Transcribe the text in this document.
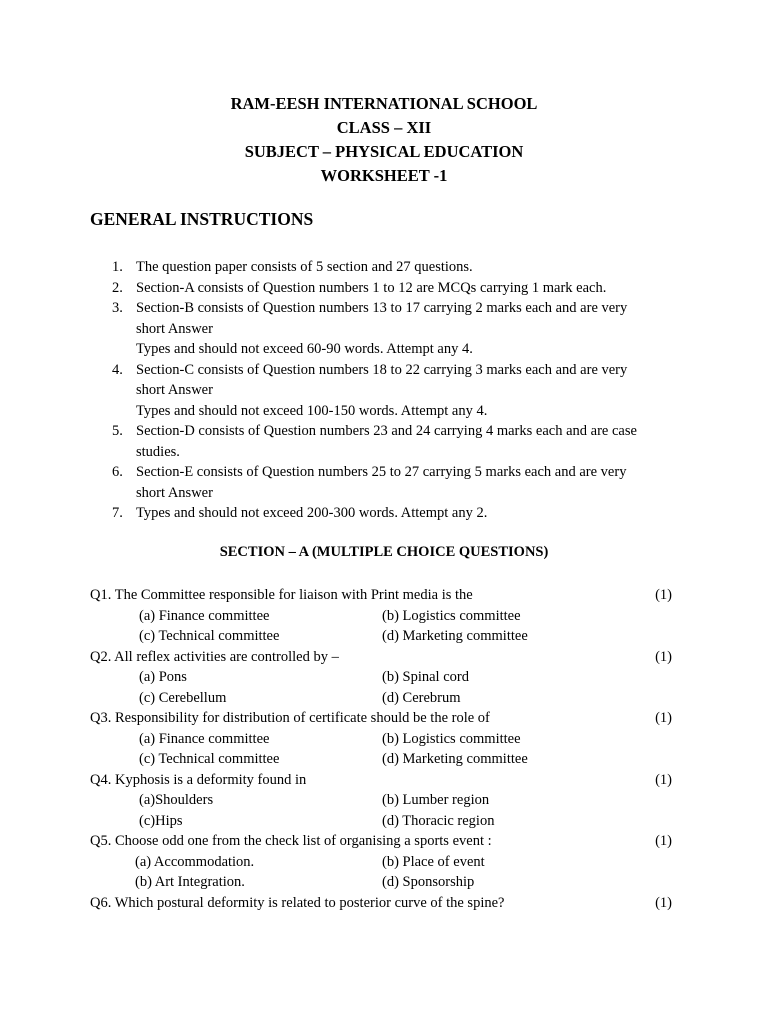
RAM-EESH INTERNATIONAL SCHOOL
CLASS – XII
SUBJECT – PHYSICAL EDUCATION
WORKSHEET -1
GENERAL INSTRUCTIONS
1. The question paper consists of 5 section and 27 questions.
2. Section-A consists of Question numbers 1 to 12 are MCQs carrying 1 mark each.
3. Section-B consists of Question numbers 13 to 17 carrying 2 marks each and are very
short Answer
Types and should not exceed 60-90 words. Attempt any 4.
4. Section-C consists of Question numbers 18 to 22 carrying 3 marks each and are very
short Answer
Types and should not exceed 100-150 words. Attempt any 4.
5. Section-D consists of Question numbers 23 and 24 carrying 4 marks each and are case
studies.
6. Section-E consists of Question numbers 25 to 27 carrying 5 marks each and are very
short Answer
7. Types and should not exceed 200-300 words. Attempt any 2.
SECTION – A (MULTIPLE CHOICE QUESTIONS)
Q1. The Committee responsible for liaison with Print media is the	(1)
(a) Finance committee	(b) Logistics committee
(c) Technical committee	(d) Marketing committee
Q2. All reflex activities are controlled by –	(1)
(a) Pons	(b) Spinal cord
(c) Cerebellum	(d) Cerebrum
Q3. Responsibility for distribution of certificate should be the role of	(1)
(a) Finance committee	(b) Logistics committee
(c) Technical committee	(d) Marketing committee
Q4. Kyphosis is a deformity found in	(1)
(a)Shoulders	(b) Lumber region
(c)Hips	(d) Thoracic region
Q5. Choose odd one from the check list of organising a sports event :	(1)
(a) Accommodation.	(b) Place of event
(b) Art Integration.	(d) Sponsorship
Q6. Which postural deformity is related to posterior curve of the spine?	(1)
